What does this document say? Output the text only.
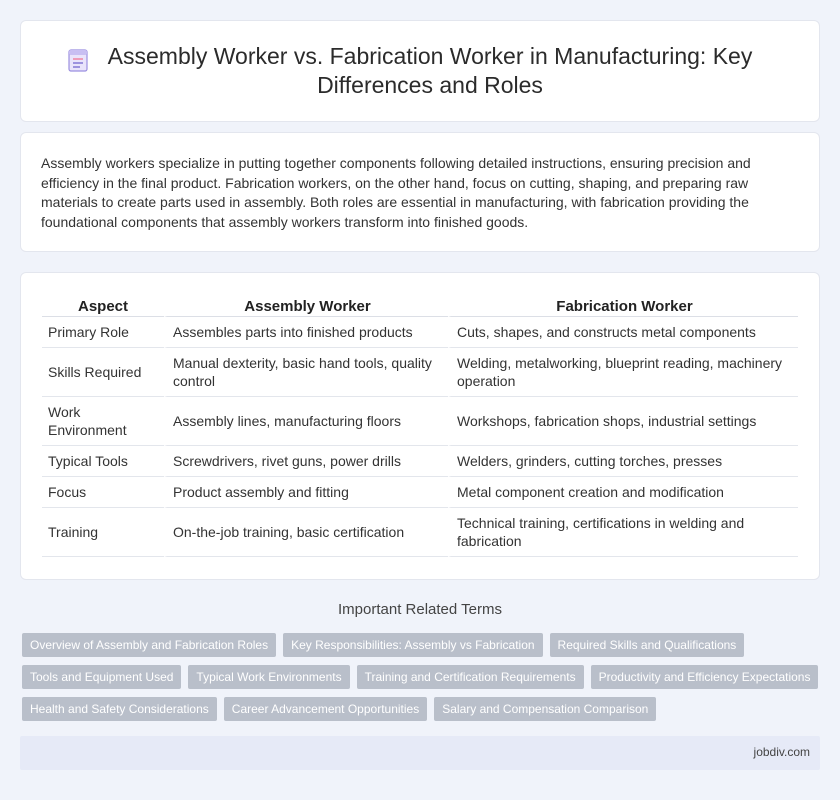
Assembly Worker vs. Fabrication Worker in Manufacturing: Key Differences and Roles

Assembly workers specialize in putting together components following detailed instructions, ensuring precision and efficiency in the final product. Fabrication workers, on the other hand, focus on cutting, shaping, and preparing raw materials to create parts used in assembly. Both roles are essential in manufacturing, with fabrication providing the foundational components that assembly workers transform into finished goods.

Aspect	Assembly Worker	Fabrication Worker
Primary Role	Assembles parts into finished products	Cuts, shapes, and constructs metal components
Skills Required	Manual dexterity, basic hand tools, quality control	Welding, metalworking, blueprint reading, machinery operation
Work Environment	Assembly lines, manufacturing floors	Workshops, fabrication shops, industrial settings
Typical Tools	Screwdrivers, rivet guns, power drills	Welders, grinders, cutting torches, presses
Focus	Product assembly and fitting	Metal component creation and modification
Training	On-the-job training, basic certification	Technical training, certifications in welding and fabrication
Important Related Terms
Overview of Assembly and Fabrication Roles	Key Responsibilities: Assembly vs Fabrication	Required Skills and Qualifications
Tools and Equipment Used	Typical Work Environments	Training and Certification Requirements	Productivity and Efficiency Expectations
Health and Safety Considerations	Career Advancement Opportunities	Salary and Compensation Comparison
jobdiv.com
